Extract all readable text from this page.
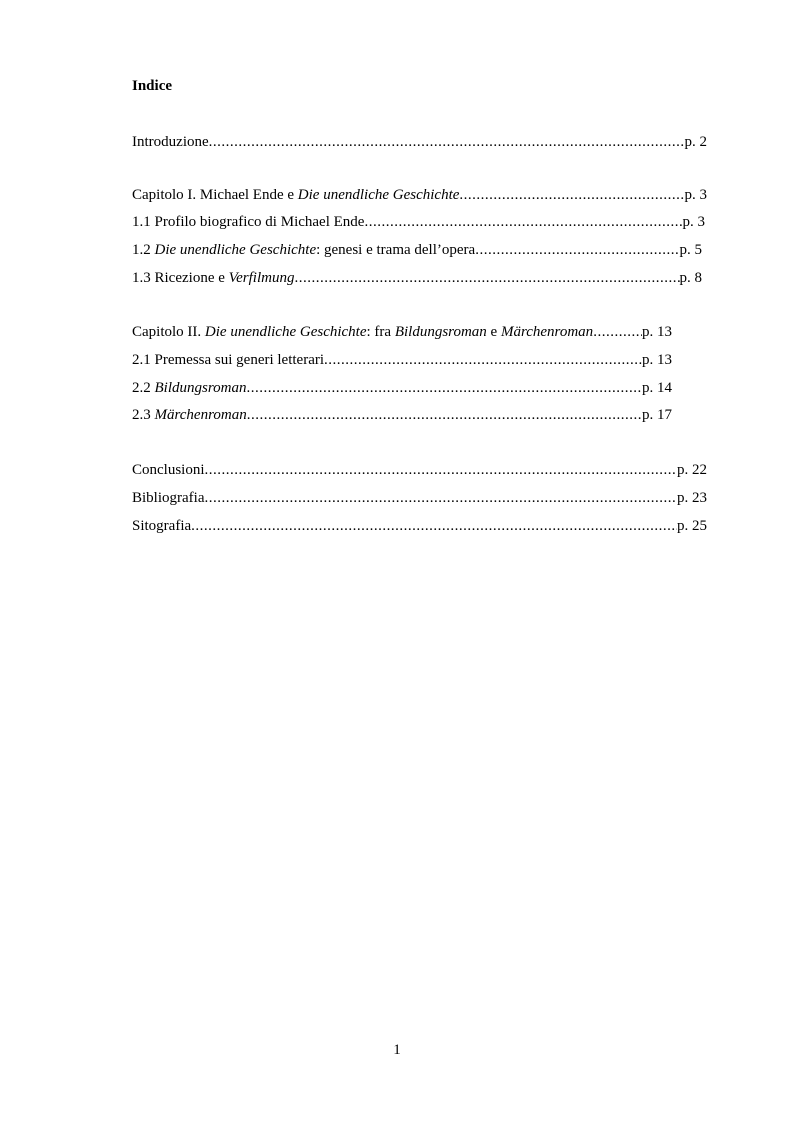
Indice
Introduzione .....	p. 2
Capitolo I. Michael Ende e Die unendliche Geschichte .....	p. 3
1.1 Profilo biografico di Michael Ende .....	p. 3
1.2 Die unendliche Geschichte: genesi e trama dell’opera .....	p. 5
1.3 Ricezione e Verfilmung .....	p. 8
Capitolo II. Die unendliche Geschichte: fra Bildungsroman e Märchenroman .....	p. 13
2.1 Premessa sui generi letterari .....	p. 13
2.2 Bildungsroman .....	p. 14
2.3 Märchenroman .....	p. 17
Conclusioni .....	p. 22
Bibliografia .....	p. 23
Sitografia .....	p. 25
1
